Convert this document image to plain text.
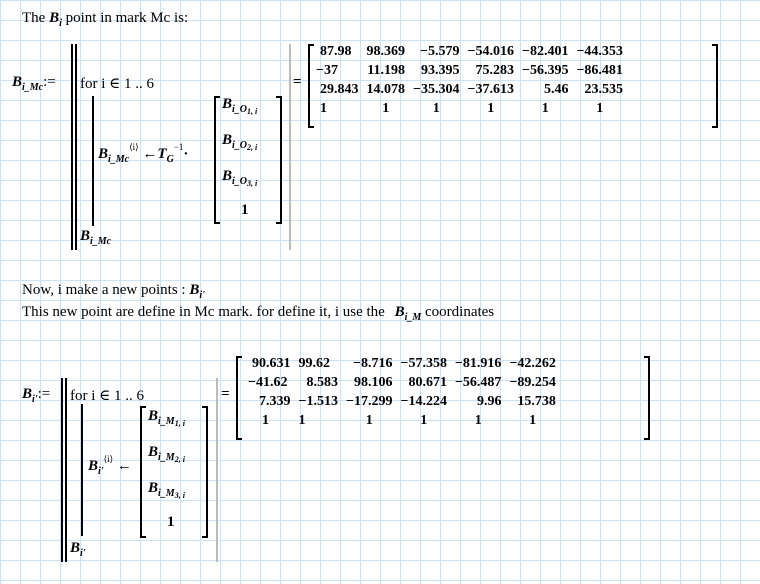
The $B_i$ point in mark Mc is:
$B_{i\_Mc}:=$ for i ∈ 1 .. 6
$B_{i\_Mc}^{⟨i⟩}$ $\leftarrow T_G^{-1}\cdot$
$B_{i\_O1, i}$
$B_{i\_O2, i}$
$B_{i\_O3, i}$
1
$B_{i\_Mc}$
=
87.98	98.369	−5.579	−54.016	−82.401	−44.353
−37	11.198	93.395	75.283	−56.395	−86.481
29.843	14.078	−35.304	−37.613	5.46	23.535
1	1	1	1	1	1
Now, i make a new points : $B_{i'}$
This new point are define in Mc mark. for define it, i use the $B_{i\_M}$ coordinates
$B_{i'}:=$ for i ∈ 1 .. 6
$B_{i'}^{⟨i⟩}$ ←
$B_{i\_M1, i}$
$B_{i\_M2, i}$
$B_{i\_M3, i}$
1
$B_{i'}$
=
90.631	99.62	−8.716	−57.358	−81.916	−42.262
−41.62	8.583	98.106	80.671	−56.487	−89.254
7.339	−1.513	−17.299	−14.224	9.96	15.738
1	1	1	1	1	1
